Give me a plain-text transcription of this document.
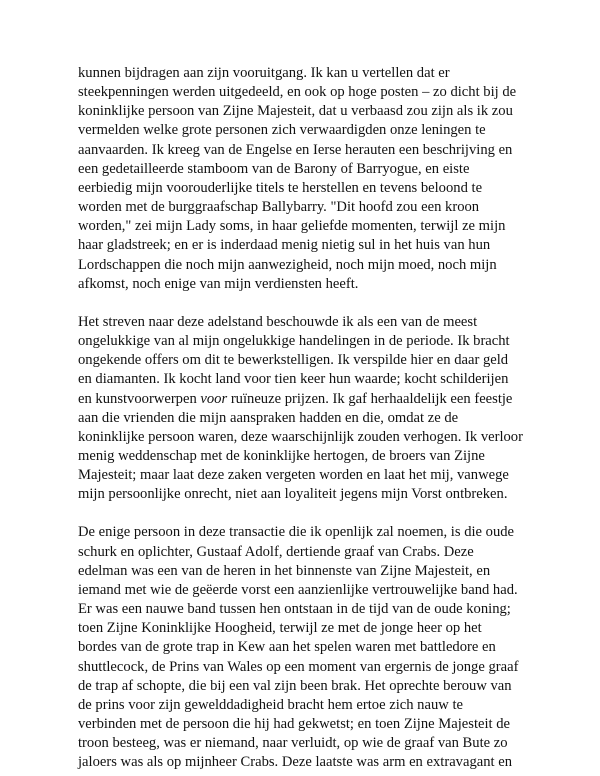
kunnen bijdragen aan zijn vooruitgang. Ik kan u vertellen dat er
steekpenningen werden uitgedeeld, en ook op hoge posten – zo dicht bij de
koninklijke persoon van Zijne Majesteit, dat u verbaasd zou zijn als ik zou
vermelden welke grote personen zich verwaardigden onze leningen te
aanvaarden. Ik kreeg van de Engelse en Ierse herauten een beschrijving en
een gedetailleerde stamboom van de Barony of Barryogue, en eiste
eerbiedig mijn voorouderlijke titels te herstellen en tevens beloond te
worden met de burggraafschap Ballybarry. "Dit hoofd zou een kroon
worden," zei mijn Lady soms, in haar geliefde momenten, terwijl ze mijn
haar gladstreek; en er is inderdaad menig nietig sul in het huis van hun
Lordschappen die noch mijn aanwezigheid, noch mijn moed, noch mijn
afkomst, noch enige van mijn verdiensten heeft.

Het streven naar deze adelstand beschouwde ik als een van de meest
ongelukkige van al mijn ongelukkige handelingen in de periode. Ik bracht
ongekende offers om dit te bewerkstelligen. Ik verspilde hier en daar geld
en diamanten. Ik kocht land voor tien keer hun waarde; kocht schilderijen
en kunstvoorwerpen voor ruïneuze prijzen. Ik gaf herhaaldelijk een feestje
aan die vrienden die mijn aanspraken hadden en die, omdat ze de
koninklijke persoon waren, deze waarschijnlijk zouden verhogen. Ik verloor
menig weddenschap met de koninklijke hertogen, de broers van Zijne
Majesteit; maar laat deze zaken vergeten worden en laat het mij, vanwege
mijn persoonlijke onrecht, niet aan loyaliteit jegens mijn Vorst ontbreken.

De enige persoon in deze transactie die ik openlijk zal noemen, is die oude
schurk en oplichter, Gustaaf Adolf, dertiende graaf van Crabs. Deze
edelman was een van de heren in het binnenste van Zijne Majesteit, en
iemand met wie de geëerde vorst een aanzienlijke vertrouwelijke band had.
Er was een nauwe band tussen hen ontstaan in de tijd van de oude koning;
toen Zijne Koninklijke Hoogheid, terwijl ze met de jonge heer op het
bordes van de grote trap in Kew aan het spelen waren met battledore en
shuttlecock, de Prins van Wales op een moment van ergernis de jonge graaf
de trap af schopte, die bij een val zijn been brak. Het oprechte berouw van
de prins voor zijn gewelddadigheid bracht hem ertoe zich nauw te
verbinden met de persoon die hij had gekwetst; en toen Zijne Majesteit de
troon besteeg, was er niemand, naar verluidt, op wie de graaf van Bute zo
jaloers was als op mijnheer Crabs. Deze laatste was arm en extravagant en
